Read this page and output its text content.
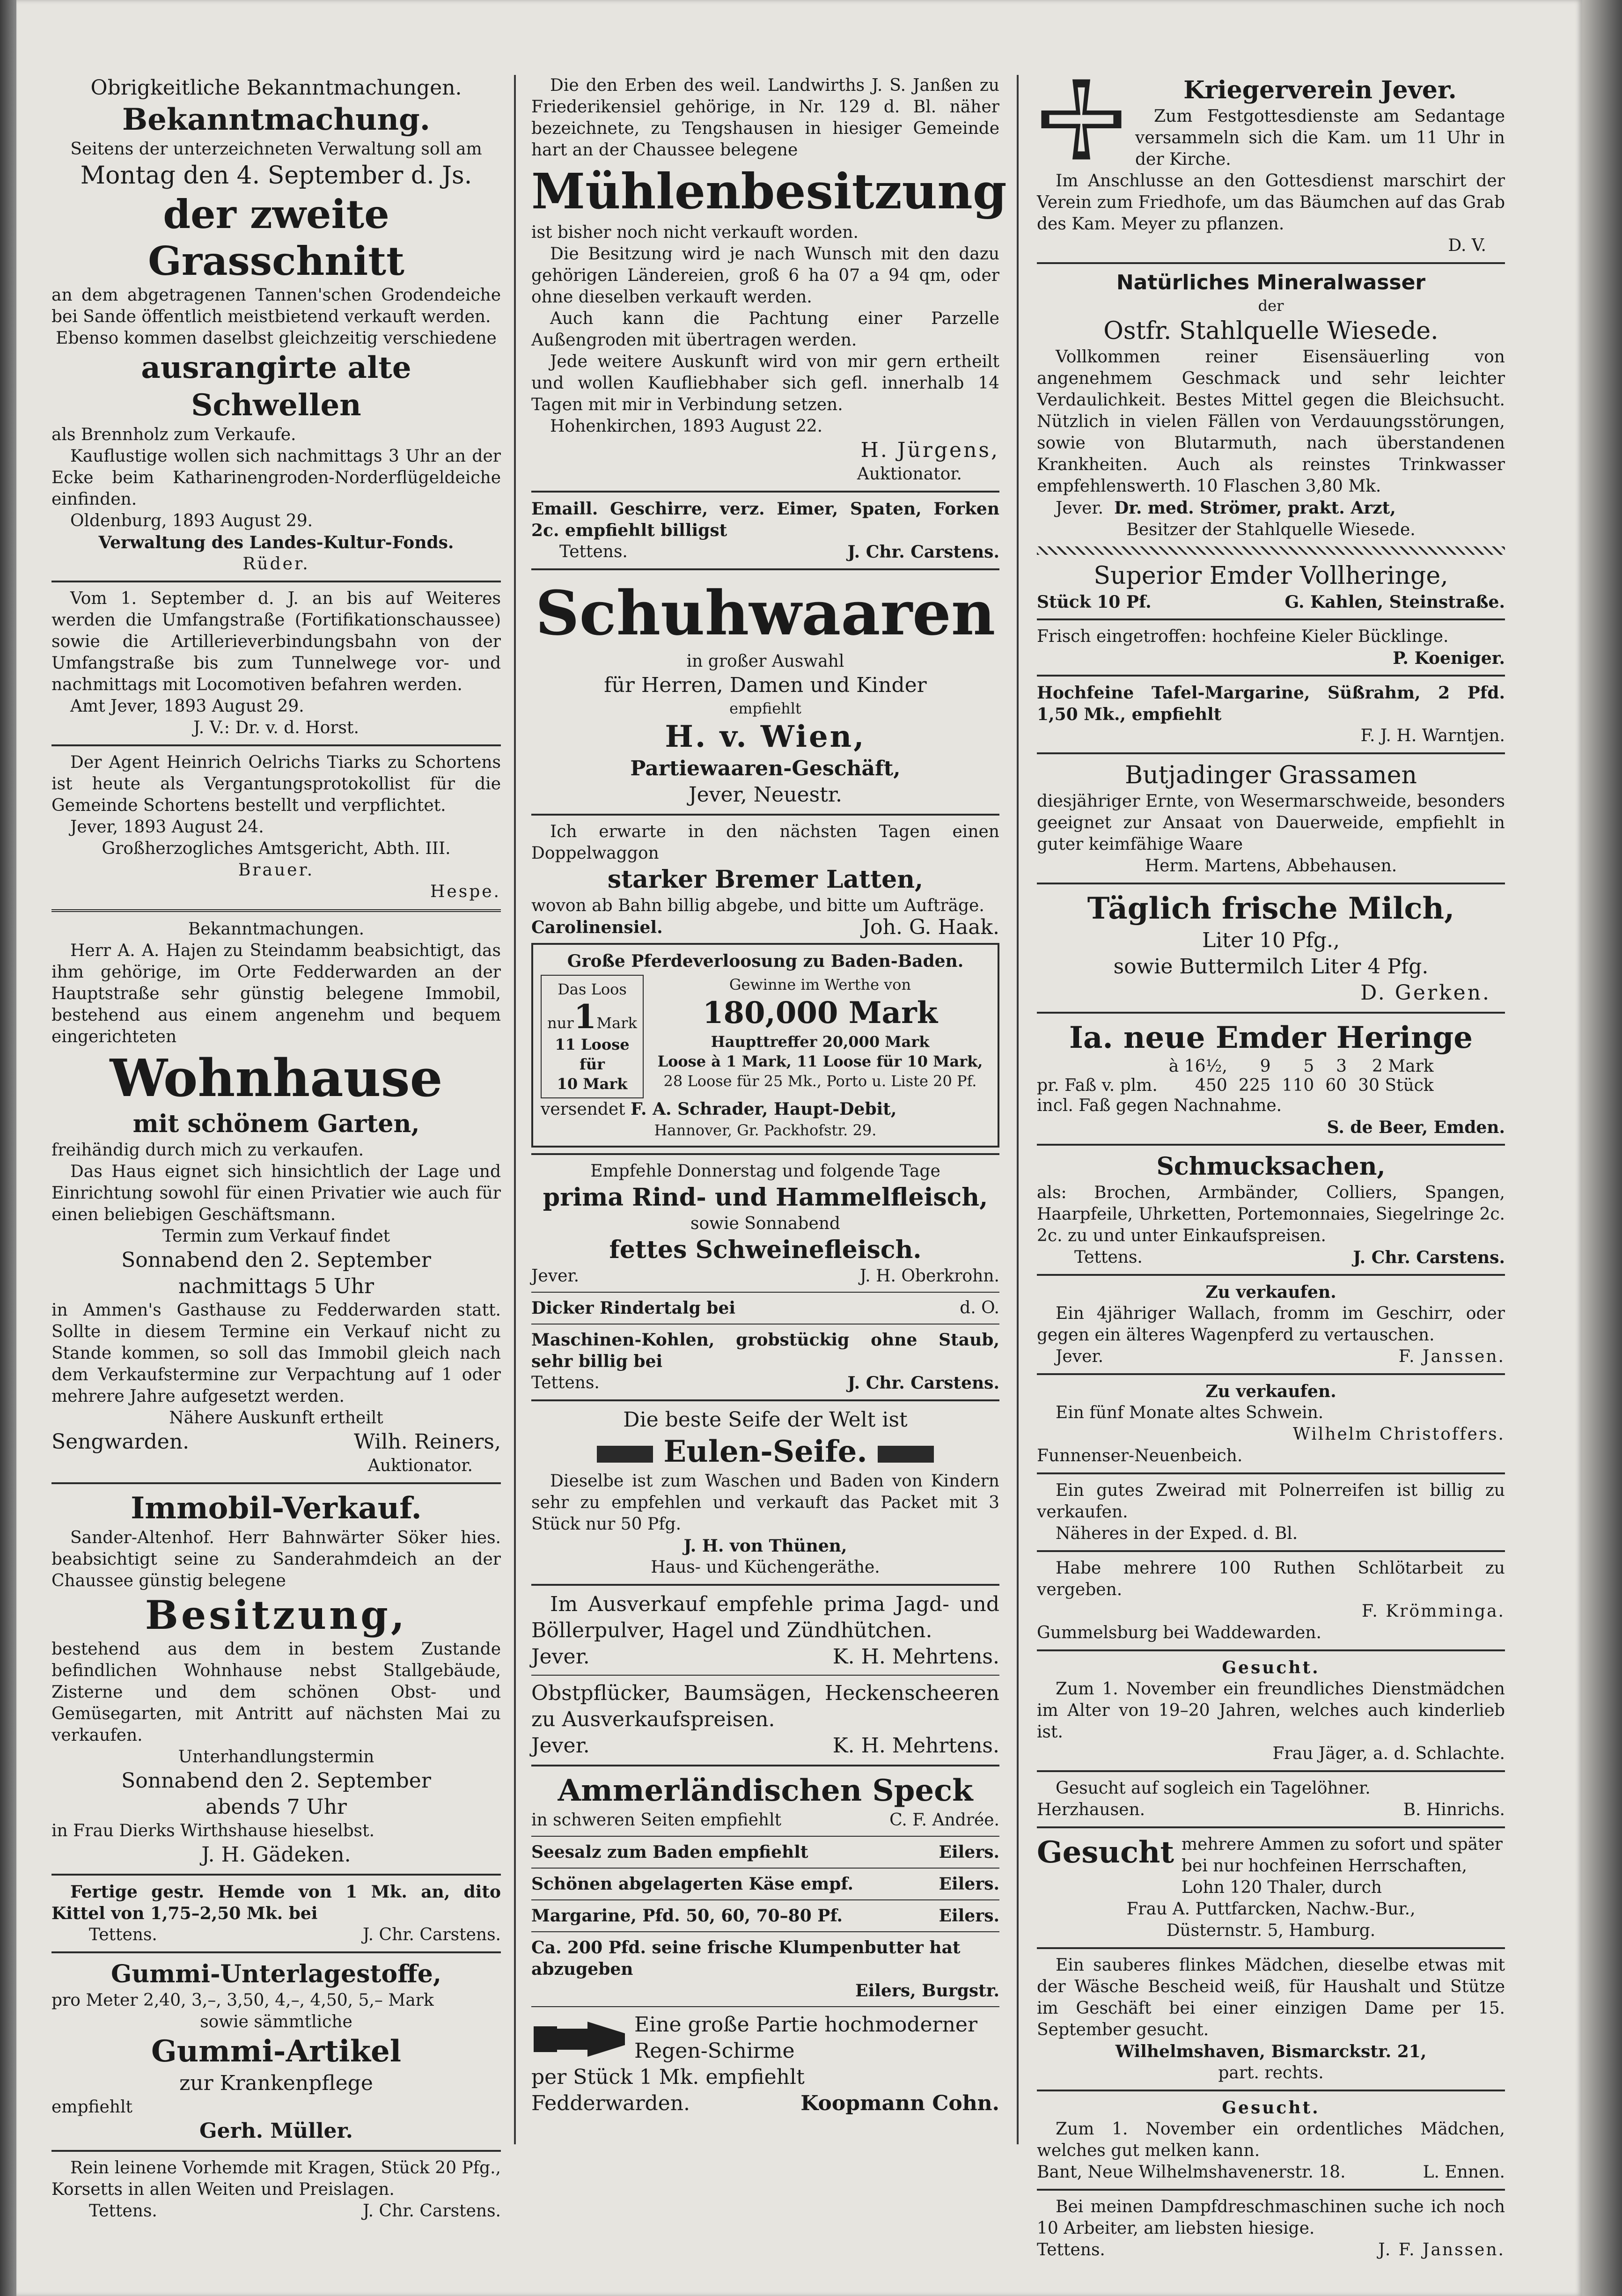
Obrigkeitliche Bekanntmachungen.

Bekanntmachung.

Seitens der unterzeichneten Verwaltung soll am

Montag den 4. September d. Js.

der zweite Grasschnitt

an dem abgetragenen Tannen'schen Grodendeiche bei Sande öffentlich meistbietend verkauft werden.

Ebenso kommen daselbst gleichzeitig verschiedene

ausrangirte alte Schwellen

als Brennholz zum Verkaufe.

Kauflustige wollen sich nachmittags 3 Uhr an der Ecke beim Katharinengroden-Norderflügeldeiche einfinden.

Oldenburg, 1893 August 29.

Verwaltung des Landes-Kultur-Fonds.

Rüder.

Vom 1. September d. J. an bis auf Weiteres werden die Umfangstraße (Fortifikationschaussee) sowie die Artillerieverbindungsbahn von der Umfangstraße bis zum Tunnelwege vor- und nachmittags mit Locomotiven befahren werden.

Amt Jever, 1893 August 29.

J. V.: Dr. v. d. Horst.

Der Agent Heinrich Oelrichs Tiarks zu Schortens ist heute als Vergantungsprotokollist für die Gemeinde Schortens bestellt und verpflichtet.

Jever, 1893 August 24.

Großherzogliches Amtsgericht, Abth. III.

Brauer.

Hespe.

Bekanntmachungen.

Herr A. A. Hajen zu Steindamm beabsichtigt, das ihm gehörige, im Orte Fedderwarden an der Hauptstraße sehr günstig belegene Immobil, bestehend aus einem angenehm und bequem eingerichteten

Wohnhause

mit schönem Garten,

freihändig durch mich zu verkaufen.

Das Haus eignet sich hinsichtlich der Lage und Einrichtung sowohl für einen Privatier wie auch für einen beliebigen Geschäftsmann.

Termin zum Verkauf findet

Sonnabend den 2. September

nachmittags 5 Uhr

in Ammen's Gasthause zu Fedderwarden statt. Sollte in diesem Termine ein Verkauf nicht zu Stande kommen, so soll das Immobil gleich nach dem Verkaufstermine zur Verpachtung auf 1 oder mehrere Jahre aufgesetzt werden.

Nähere Auskunft ertheilt

Sengwarden.	Wilh. Reiners,

Auktionator.

Immobil-Verkauf.

Sander-Altenhof. Herr Bahnwärter Söker hies. beabsichtigt seine zu Sanderahmdeich an der Chaussee günstig belegene

Besitzung,

bestehend aus dem in bestem Zustande befindlichen Wohnhause nebst Stallgebäude, Zisterne und dem schönen Obst- und Gemüsegarten, mit Antritt auf nächsten Mai zu verkaufen.

Unterhandlungstermin

Sonnabend den 2. September

abends 7 Uhr

in Frau Dierks Wirthshause hieselbst.

J. H. Gädeken.

Fertige gestr. Hemde von 1 Mk. an, dito Kittel von 1,75–2,50 Mk. bei

Tettens.	J. Chr. Carstens.

Gummi-Unterlagestoffe,

pro Meter 2,40, 3,–, 3,50, 4,–, 4,50, 5,– Mark

sowie sämmtliche

Gummi-Artikel

zur Krankenpflege

empfiehlt

Gerh. Müller.

Rein leinene Vorhemde mit Kragen, Stück 20 Pfg., Korsetts in allen Weiten und Preislagen.

Tettens.	J. Chr. Carstens.

Die den Erben des weil. Landwirths J. S. Janßen zu Friederikensiel gehörige, in Nr. 129 d. Bl. näher bezeichnete, zu Tengshausen in hiesiger Gemeinde hart an der Chaussee belegene

Mühlenbesitzung

ist bisher noch nicht verkauft worden.

Die Besitzung wird je nach Wunsch mit den dazu gehörigen Ländereien, groß 6 ha 07 a 94 qm, oder ohne dieselben verkauft werden.

Auch kann die Pachtung einer Parzelle Außengroden mit übertragen werden.

Jede weitere Auskunft wird von mir gern ertheilt und wollen Kaufliebhaber sich gefl. innerhalb 14 Tagen mit mir in Verbindung setzen.

Hohenkirchen, 1893 August 22.

H. Jürgens,

Auktionator.

Emaill. Geschirre, verz. Eimer, Spaten, Forken 2c. empfiehlt billigst

Tettens.	J. Chr. Carstens.

Schuhwaaren

in großer Auswahl

für Herren, Damen und Kinder

empfiehlt

H. v. Wien,

Partiewaaren-Geschäft,

Jever, Neuestr.

Ich erwarte in den nächsten Tagen einen Doppelwaggon

starker Bremer Latten,

wovon ab Bahn billig abgebe, und bitte um Aufträge.

Carolinensiel.	Joh. G. Haak.

Große Pferdeverloosung zu Baden-Baden.

Das Loos

nur1Mark

11 Loose für

10 Mark

Gewinne im Werthe von

180,000 Mark

Haupttreffer 20,000 Mark

Loose à 1 Mark, 11 Loose für 10 Mark,

28 Loose für 25 Mk., Porto u. Liste 20 Pf.

versendet F. A. Schrader, Haupt-Debit,

Hannover, Gr. Packhofstr. 29.

Empfehle Donnerstag und folgende Tage

prima Rind- und Hammelfleisch,

sowie Sonnabend

fettes Schweinefleisch.

Jever.	J. H. Oberkrohn.
Dicker Rindertalg bei	d. O.

Maschinen-Kohlen, grobstückig ohne Staub, sehr billig bei

Tettens.	J. Chr. Carstens.

Die beste Seife der Welt ist

Eulen-Seife.

Dieselbe ist zum Waschen und Baden von Kindern sehr zu empfehlen und verkauft das Packet mit 3 Stück nur 50 Pfg.

J. H. von Thünen,

Haus- und Küchengeräthe.

Im Ausverkauf empfehle prima Jagd- und Böllerpulver, Hagel und Zündhütchen.

Jever.	K. H. Mehrtens.

Obstpflücker, Baumsägen, Heckenscheeren zu Ausverkaufspreisen.

Jever.	K. H. Mehrtens.

Ammerländischen Speck

in schweren Seiten empfiehlt	C. F. Andrée.
Seesalz zum Baden empfiehlt	Eilers.
Schönen abgelagerten Käse empf.	Eilers.
Margarine, Pfd. 50, 60, 70–80 Pf.	Eilers.

Ca. 200 Pfd. seine frische Klumpenbutter hat abzugeben

Eilers, Burgstr.

Eine große Partie hochmoderner Regen-Schirme

per Stück 1 Mk. empfiehlt

Fedderwarden.	Koopmann Cohn.

Kriegerverein Jever.

Zum Festgottesdienste am Sedantage versammeln sich die Kam. um 11 Uhr in der Kirche.

Im Anschlusse an den Gottesdienst marschirt der Verein zum Friedhofe, um das Bäumchen auf das Grab des Kam. Meyer zu pflanzen.

D. V.

Natürliches Mineralwasser

der

Ostfr. Stahlquelle Wiesede.

Vollkommen reiner Eisensäuerling von angenehmem Geschmack und sehr leichter Verdaulichkeit. Bestes Mittel gegen die Bleichsucht. Nützlich in vielen Fällen von Verdauungsstörungen, sowie von Blutarmuth, nach überstandenen Krankheiten. Auch als reinstes Trinkwasser empfehlenswerth. 10 Flaschen 3,80 Mk.

Jever. Dr. med. Strömer, prakt. Arzt,

Besitzer der Stahlquelle Wiesede.

Superior Emder Vollheringe,

Stück 10 Pf.	G. Kahlen, Steinstraße.

Frisch eingetroffen: hochfeine Kieler Bücklinge.

P. Koeniger.

Hochfeine Tafel-Margarine, Süßrahm, 2 Pfd. 1,50 Mk., empfiehlt

F. J. H. Warntjen.

Butjadinger Grassamen

diesjähriger Ernte, von Wesermarschweide, besonders geeignet zur Ansaat von Dauerweide, empfiehlt in guter keimfähige Waare

Herm. Martens, Abbehausen.

Täglich frische Milch,

Liter 10 Pfg.,

sowie Buttermilch Liter 4 Pfg.

D. Gerken.

Ia. neue Emder Heringe

	à 16½,	9	5	3	2 Mark
pr. Faß v. plm.	450	225	110	60	30 Stück

incl. Faß gegen Nachnahme.

S. de Beer, Emden.

Schmucksachen,

als: Brochen, Armbänder, Colliers, Spangen, Haarpfeile, Uhrketten, Portemonnaies, Siegelringe 2c. 2c. zu und unter Einkaufspreisen.

Tettens.	J. Chr. Carstens.

Zu verkaufen.

Ein 4jähriger Wallach, fromm im Geschirr, oder gegen ein älteres Wagenpferd zu vertauschen.

Jever.	F. Janssen.

Zu verkaufen.

Ein fünf Monate altes Schwein.

Wilhelm Christoffers.

Funnenser-Neuenbeich.

Ein gutes Zweirad mit Polnerreifen ist billig zu verkaufen.

Näheres in der Exped. d. Bl.

Habe mehrere 100 Ruthen Schlötarbeit zu vergeben.

F. Krömminga.

Gummelsburg bei Waddewarden.

Gesucht.

Zum 1. November ein freundliches Dienstmädchen im Alter von 19–20 Jahren, welches auch kinderlieb ist.

Frau Jäger, a. d. Schlachte.

Gesucht auf sogleich ein Tagelöhner.

Herzhausen.	B. Hinrichs.
Gesucht mehrere Ammen zu sofort und später bei nur hochfeinen Herrschaften, Lohn 120 Thaler, durch

Frau A. Puttfarcken, Nachw.-Bur.,

Düsternstr. 5, Hamburg.

Ein sauberes flinkes Mädchen, dieselbe etwas mit der Wäsche Bescheid weiß, für Haushalt und Stütze im Geschäft bei einer einzigen Dame per 15. September gesucht.

Wilhelmshaven, Bismarckstr. 21,

part. rechts.

Gesucht.

Zum 1. November ein ordentliches Mädchen, welches gut melken kann.

Bant, Neue Wilhelmshavenerstr. 18.	L. Ennen.

Bei meinen Dampfdreschmaschinen suche ich noch 10 Arbeiter, am liebsten hiesige.

Tettens.	J. F. Janssen.
